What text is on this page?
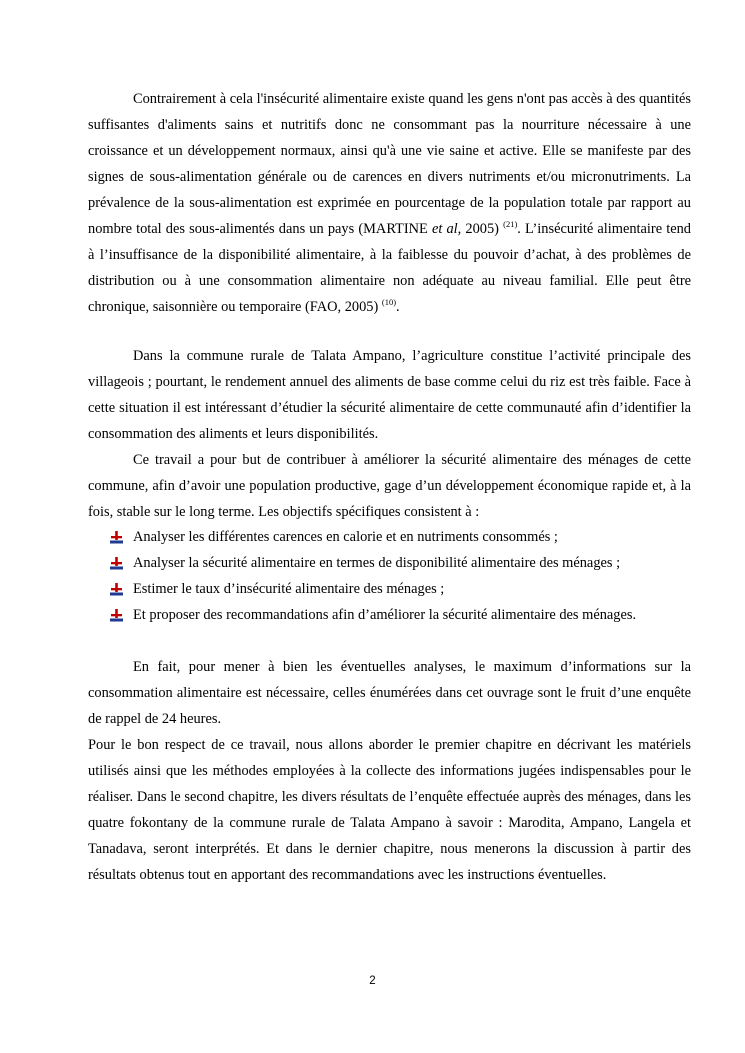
Contrairement à cela l'insécurité alimentaire existe quand les gens n'ont pas accès à des quantités suffisantes d'aliments sains et nutritifs donc ne consommant pas la nourriture nécessaire à une croissance et un développement normaux, ainsi qu'à une vie saine et active. Elle se manifeste par des signes de sous-alimentation générale ou de carences en divers nutriments et/ou micronutriments. La prévalence de la sous-alimentation est exprimée en pourcentage de la population totale par rapport au nombre total des sous-alimentés dans un pays (MARTINE et al, 2005) $^{(21)}$. L’insécurité alimentaire tend à l’insuffisance de la disponibilité alimentaire, à la faiblesse du pouvoir d’achat, à des problèmes de distribution ou à une consommation alimentaire non adéquate au niveau familial. Elle peut être chronique, saisonnière ou temporaire (FAO, 2005) $^{(10)}$.

Dans la commune rurale de Talata Ampano, l’agriculture constitue l’activité principale des villageois ; pourtant, le rendement annuel des aliments de base comme celui du riz est très faible. Face à cette situation il est intéressant d’étudier la sécurité alimentaire de cette communauté afin d’identifier la consommation des aliments et leurs disponibilités.

Ce travail a pour but de contribuer à améliorer la sécurité alimentaire des ménages de cette commune, afin d’avoir une population productive, gage d’un développement économique rapide et, à la fois, stable sur le long terme. Les objectifs spécifiques consistent à :

Analyser les différentes carences en calorie et en nutriments consommés ;
Analyser la sécurité alimentaire en termes de disponibilité alimentaire des ménages ;
Estimer le taux d’insécurité alimentaire des ménages ;
Et proposer des recommandations afin d’améliorer la sécurité alimentaire des ménages.

En fait, pour mener à bien les éventuelles analyses, le maximum d’informations sur la consommation alimentaire est nécessaire, celles énumérées dans cet ouvrage sont le fruit d’une enquête de rappel de 24 heures.

Pour le bon respect de ce travail, nous allons aborder le premier chapitre en décrivant les matériels utilisés ainsi que les méthodes employées à la collecte des informations jugées indispensables pour le réaliser. Dans le second chapitre, les divers résultats de l’enquête effectuée auprès des ménages, dans les quatre fokontany de la commune rurale de Talata Ampano à savoir : Marodita, Ampano, Langela et Tanadava, seront interprétés. Et dans le dernier chapitre, nous menerons la discussion à partir des résultats obtenus tout en apportant des recommandations avec les instructions éventuelles.

2
